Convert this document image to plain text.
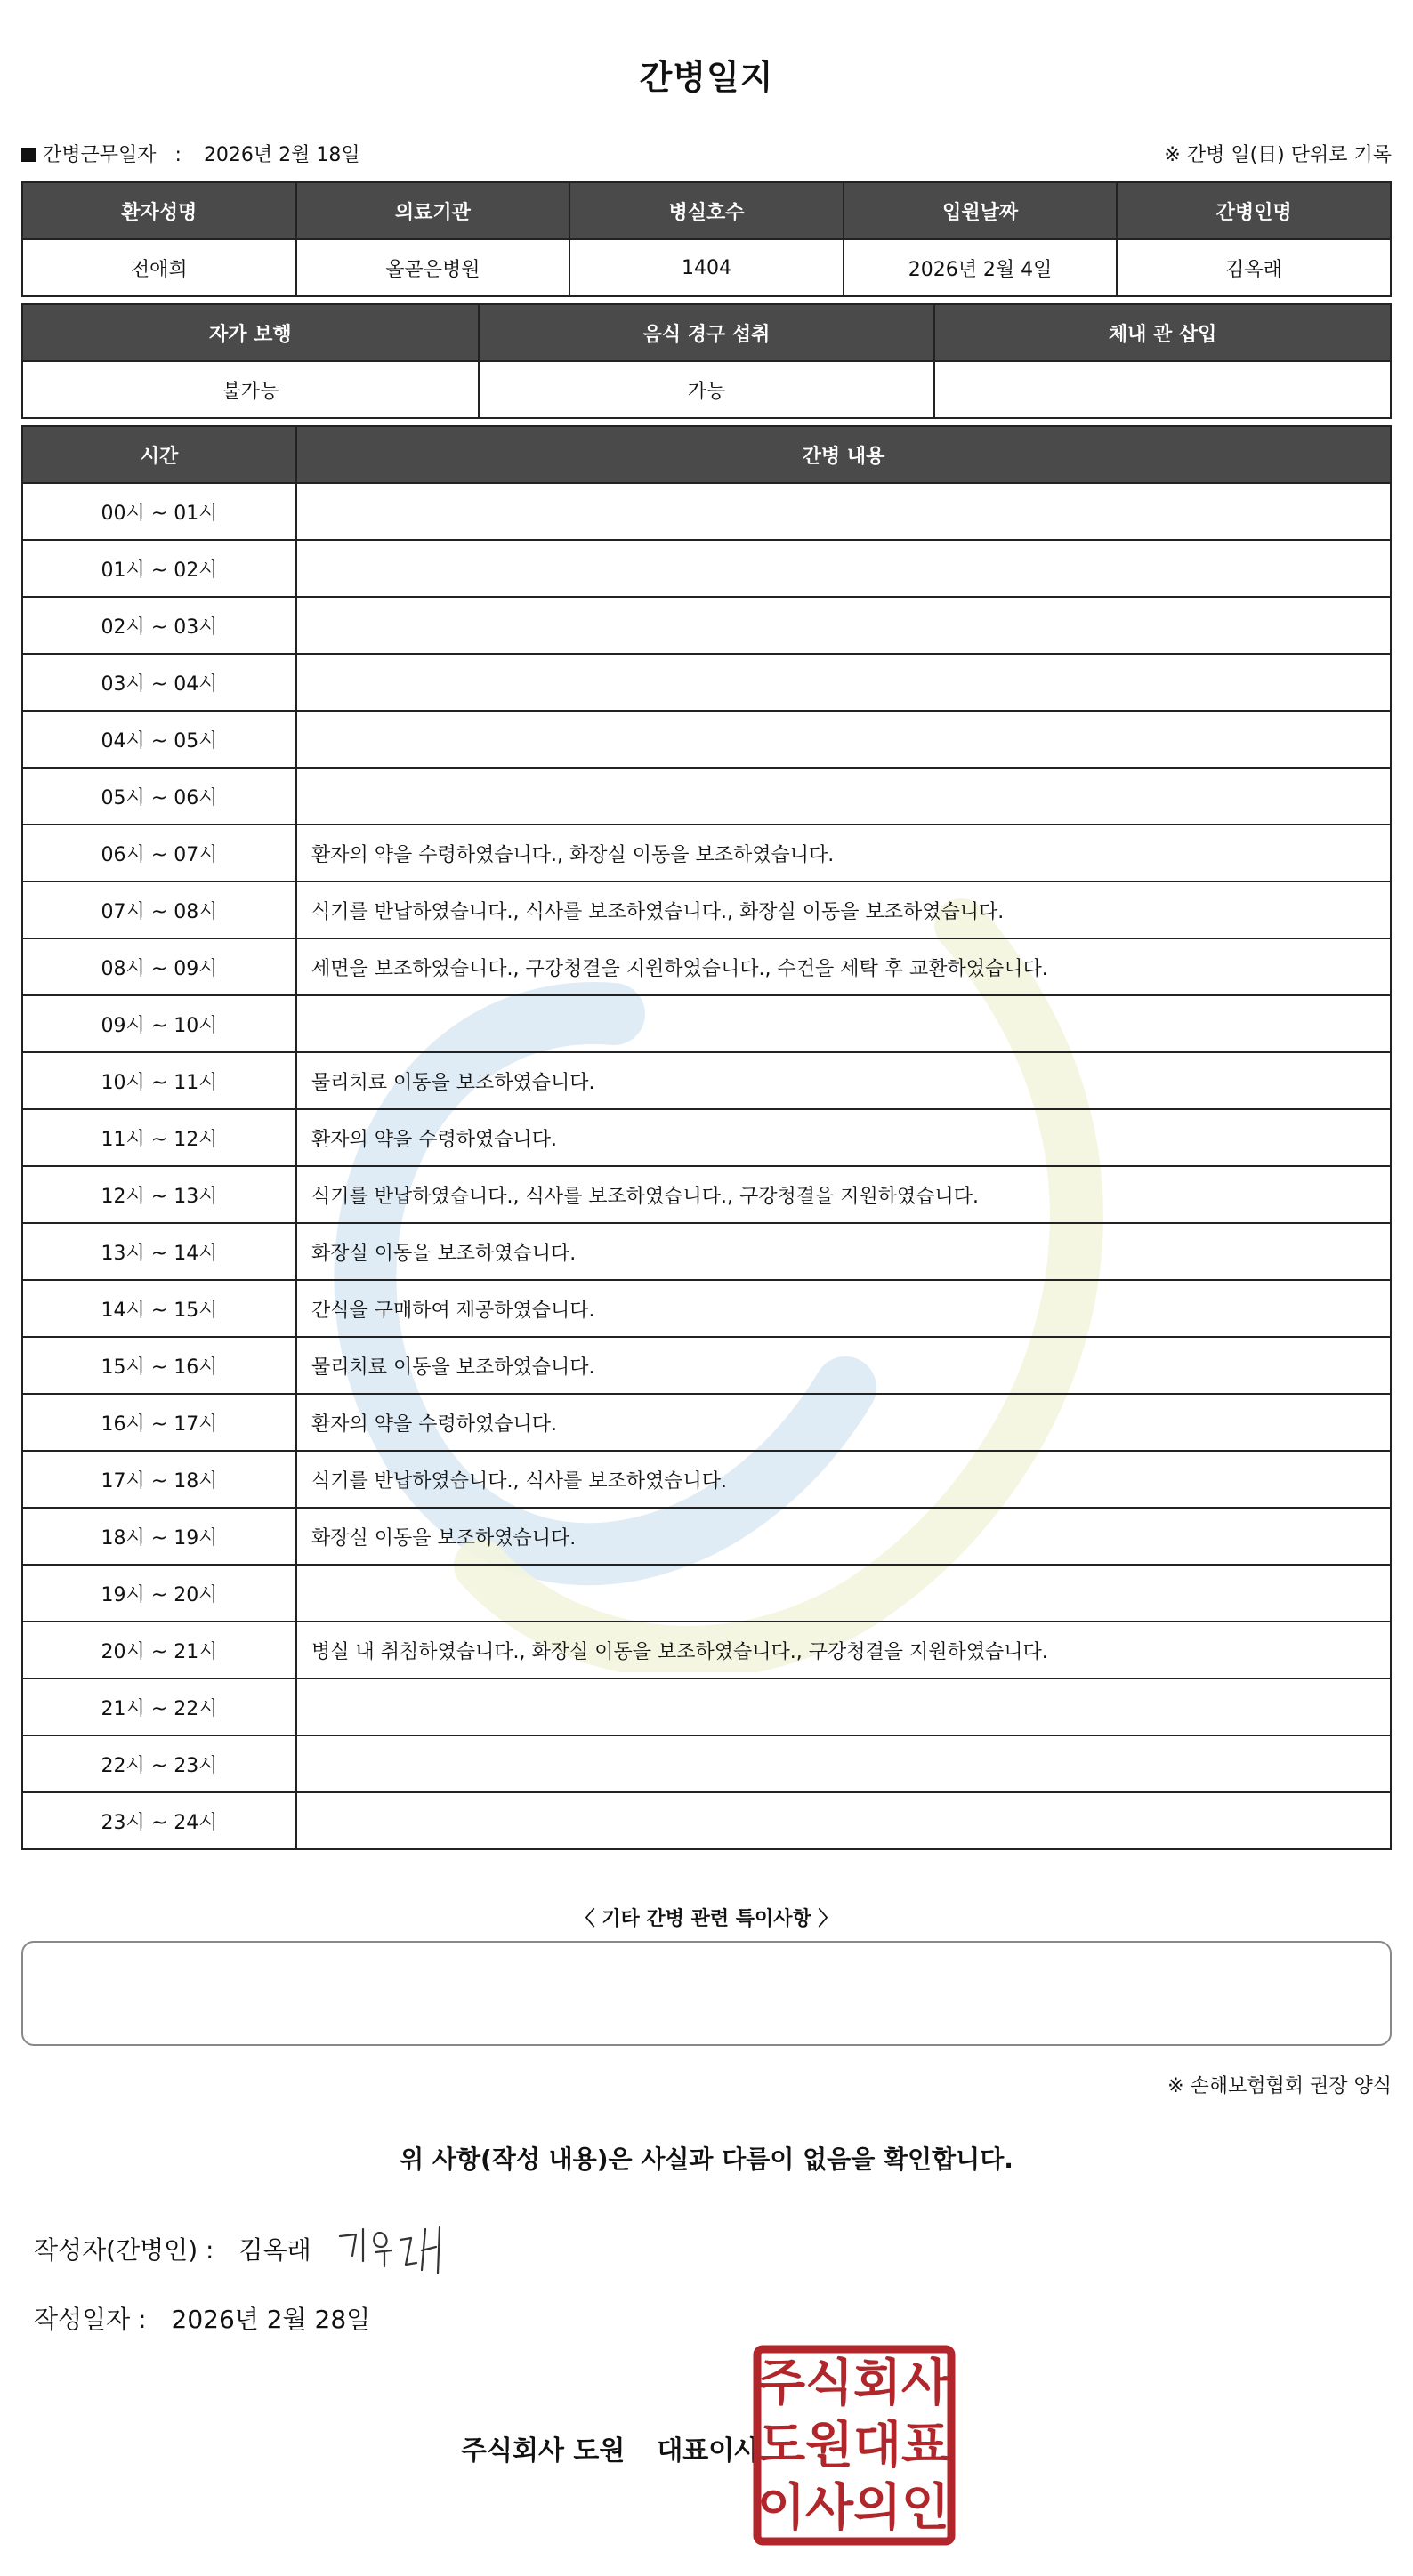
간병일지
간병근무일자 : 2026년 2월 18일	※ 간병 일(日) 단위로 기록
환자성명	의료기관	병실호수	입원날짜	간병인명
전애희	올곧은병원	1404	2026년 2월 4일	김옥래
자가 보행	음식 경구 섭취	체내 관 삽입
불가능	가능	
시간	간병 내용
00시 ~ 01시	
01시 ~ 02시	
02시 ~ 03시	
03시 ~ 04시	
04시 ~ 05시	
05시 ~ 06시	
06시 ~ 07시	환자의 약을 수령하였습니다., 화장실 이동을 보조하였습니다.
07시 ~ 08시	식기를 반납하였습니다., 식사를 보조하였습니다., 화장실 이동을 보조하였습니다.
08시 ~ 09시	세면을 보조하였습니다., 구강청결을 지원하였습니다., 수건을 세탁 후 교환하였습니다.
09시 ~ 10시	
10시 ~ 11시	물리치료 이동을 보조하였습니다.
11시 ~ 12시	환자의 약을 수령하였습니다.
12시 ~ 13시	식기를 반납하였습니다., 식사를 보조하였습니다., 구강청결을 지원하였습니다.
13시 ~ 14시	화장실 이동을 보조하였습니다.
14시 ~ 15시	간식을 구매하여 제공하였습니다.
15시 ~ 16시	물리치료 이동을 보조하였습니다.
16시 ~ 17시	환자의 약을 수령하였습니다.
17시 ~ 18시	식기를 반납하였습니다., 식사를 보조하였습니다.
18시 ~ 19시	화장실 이동을 보조하였습니다.
19시 ~ 20시	
20시 ~ 21시	병실 내 취침하였습니다., 화장실 이동을 보조하였습니다., 구강청결을 지원하였습니다.
21시 ~ 22시	
22시 ~ 23시	
23시 ~ 24시	
〈 기타 간병 관련 특이사항 〉
※ 손해보험협회 권장 양식
위 사항(작성 내용)은 사실과 다름이 없음을 확인합니다.
작성자(간병인) : 김옥래
작성일자 : 2026년 2월 28일
주식회사 도원 대표이사
주 식 회 사
도 원 대 표
이 사 의 인
